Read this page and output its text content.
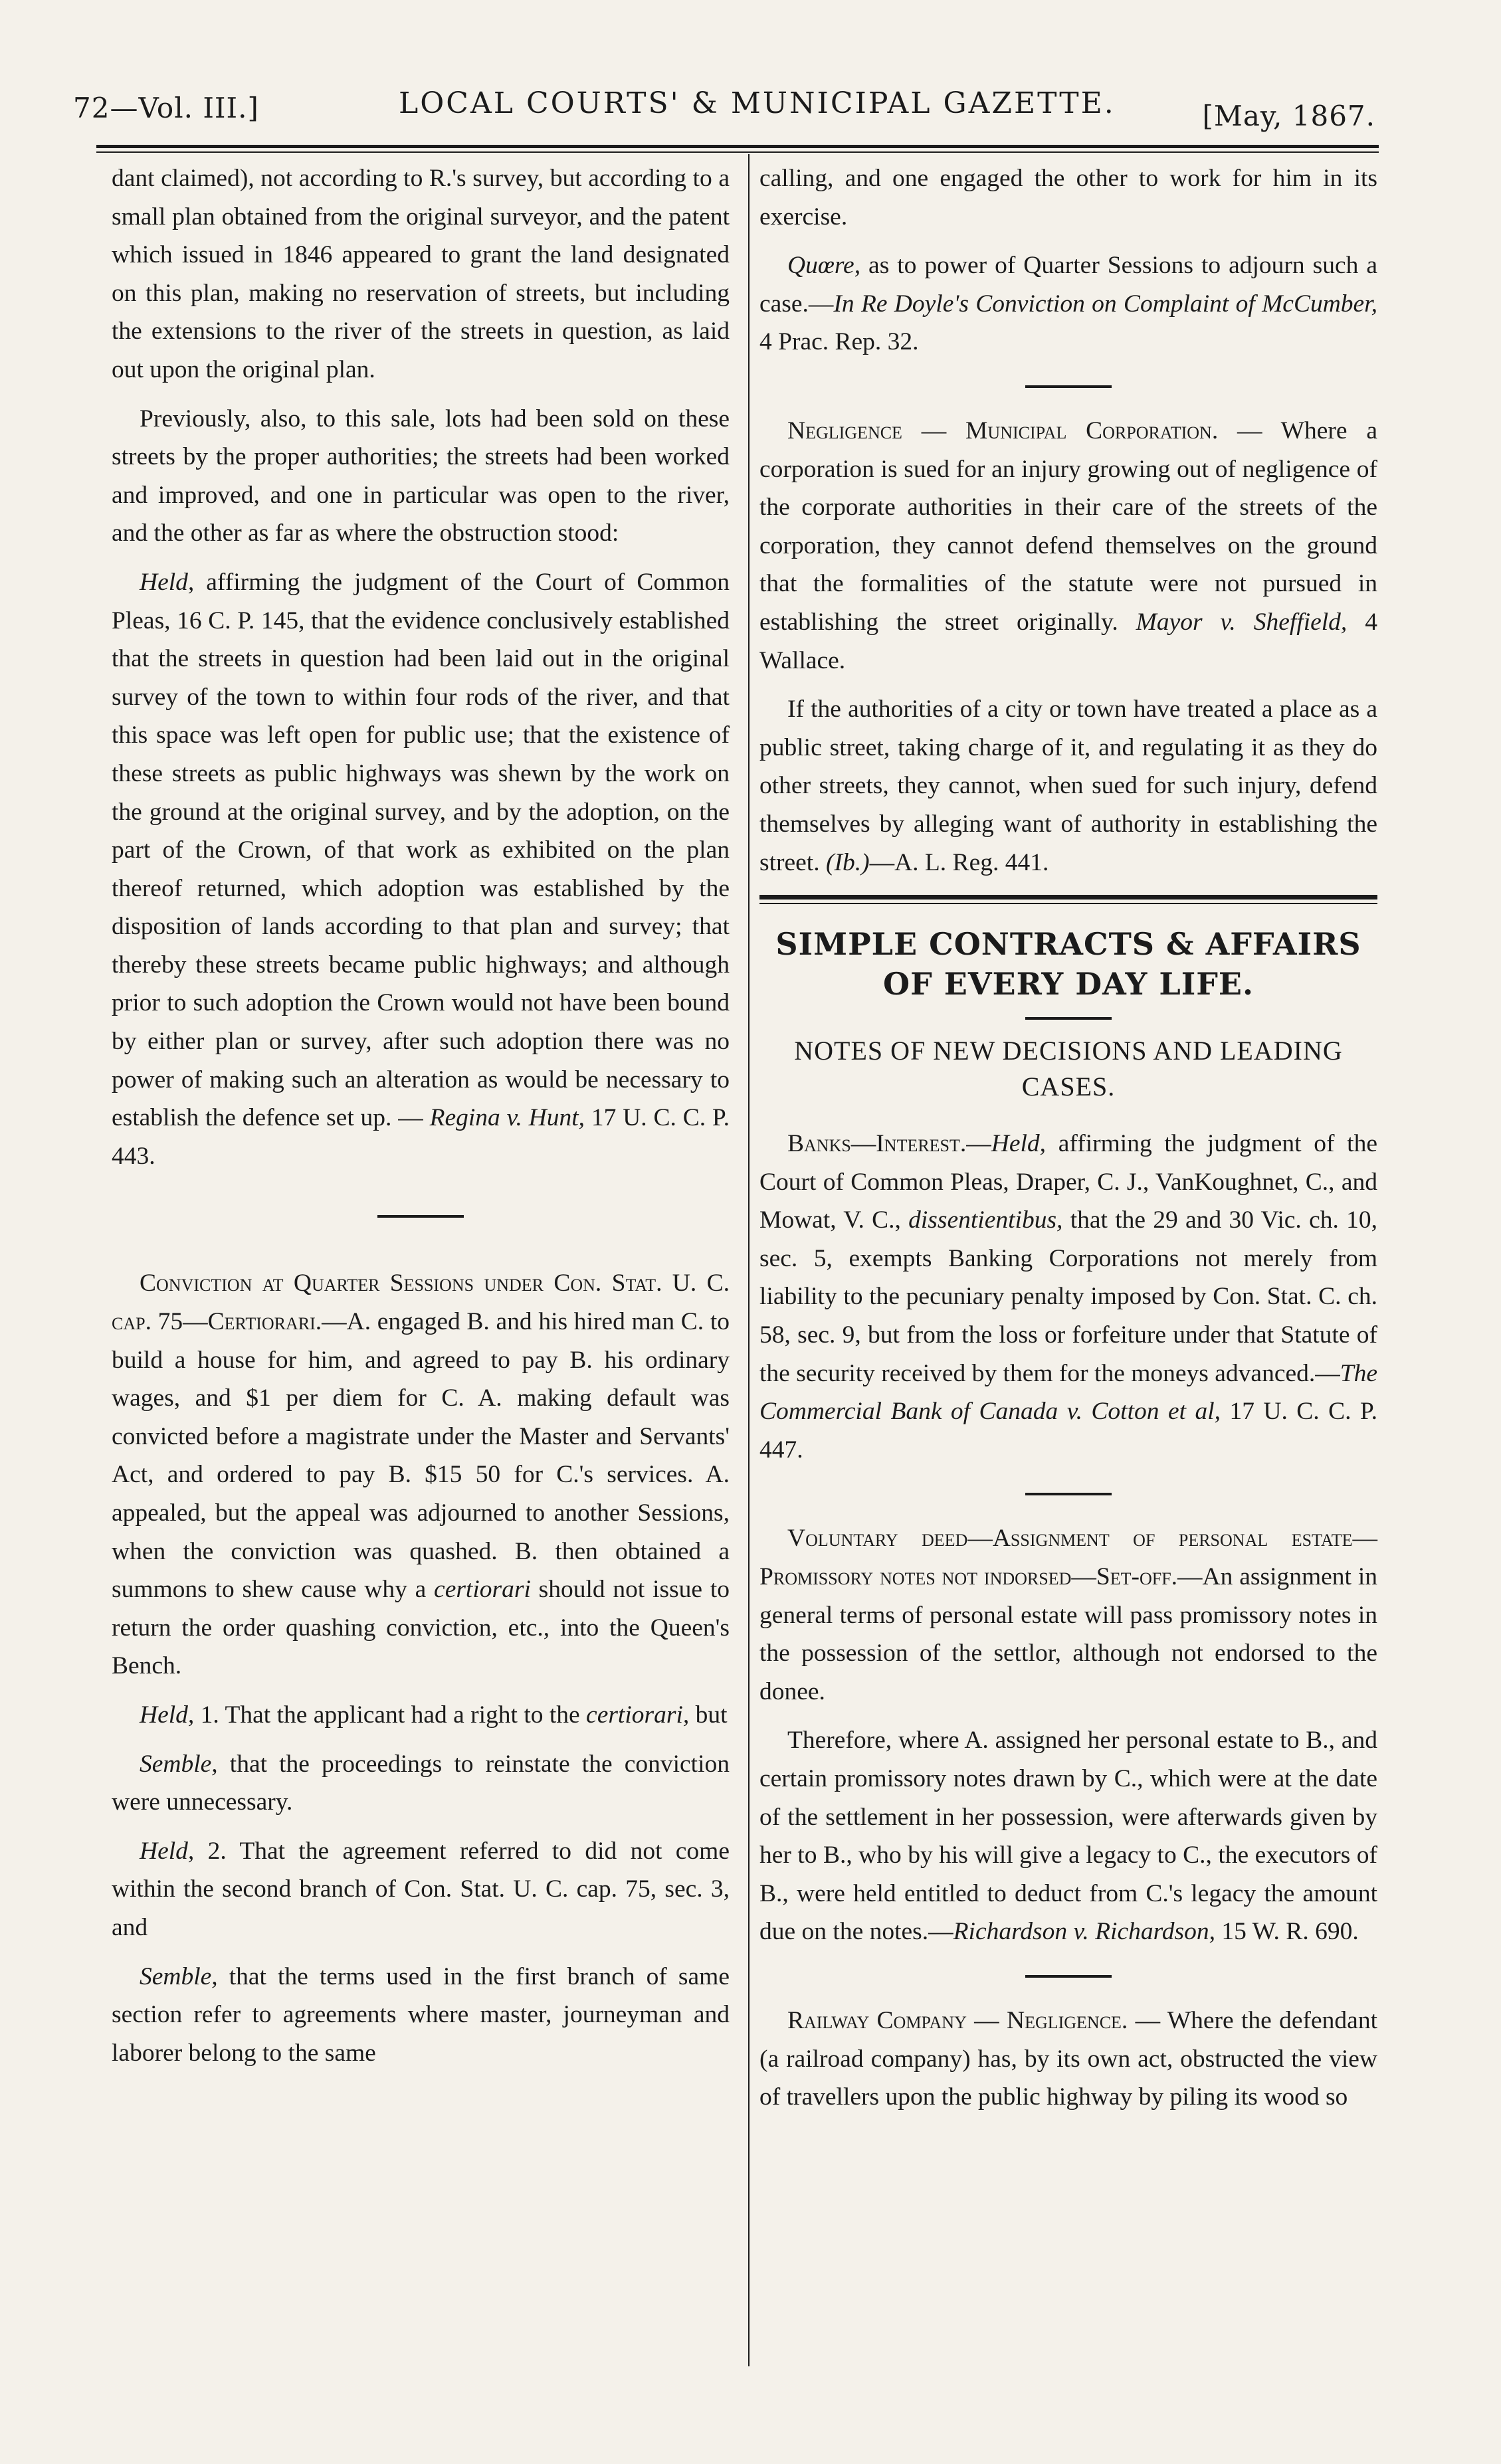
72—Vol. III.]	LOCAL COURTS' & MUNICIPAL GAZETTE.	[May, 1867.

dant claimed), not according to R.'s survey, but according to a small plan obtained from the original surveyor, and the patent which issued in 1846 appeared to grant the land designated on this plan, making no reservation of streets, but including the extensions to the river of the streets in question, as laid out upon the original plan.

Previously, also, to this sale, lots had been sold on these streets by the proper authorities; the streets had been worked and improved, and one in particular was open to the river, and the other as far as where the obstruction stood:

Held, affirming the judgment of the Court of Common Pleas, 16 C. P. 145, that the evidence conclusively established that the streets in question had been laid out in the original survey of the town to within four rods of the river, and that this space was left open for public use; that the existence of these streets as public highways was shewn by the work on the ground at the original survey, and by the adoption, on the part of the Crown, of that work as exhibited on the plan thereof returned, which adoption was established by the disposition of lands according to that plan and survey; that thereby these streets became public highways; and although prior to such adoption the Crown would not have been bound by either plan or survey, after such adoption there was no power of making such an alteration as would be necessary to establish the defence set up. — Regina v. Hunt, 17 U. C. C. P. 443.

Conviction at Quarter Sessions under Con. Stat. U. C. cap. 75—Certiorari.—A. engaged B. and his hired man C. to build a house for him, and agreed to pay B. his ordinary wages, and $1 per diem for C. A. making default was convicted before a magistrate under the Master and Servants' Act, and ordered to pay B. $15 50 for C.'s services. A. appealed, but the appeal was adjourned to another Sessions, when the conviction was quashed. B. then obtained a summons to shew cause why a certiorari should not issue to return the order quashing conviction, etc., into the Queen's Bench.

Held, 1. That the applicant had a right to the certiorari, but

Semble, that the proceedings to reinstate the conviction were unnecessary.

Held, 2. That the agreement referred to did not come within the second branch of Con. Stat. U. C. cap. 75, sec. 3, and

Semble, that the terms used in the first branch of same section refer to agreements where master, journeyman and laborer belong to the same

calling, and one engaged the other to work for him in its exercise.

Quœre, as to power of Quarter Sessions to adjourn such a case.—In Re Doyle's Conviction on Complaint of McCumber, 4 Prac. Rep. 32.

Negligence — Municipal Corporation. — Where a corporation is sued for an injury growing out of negligence of the corporate authorities in their care of the streets of the corporation, they cannot defend themselves on the ground that the formalities of the statute were not pursued in establishing the street originally. Mayor v. Sheffield, 4 Wallace.

If the authorities of a city or town have treated a place as a public street, taking charge of it, and regulating it as they do other streets, they cannot, when sued for such injury, defend themselves by alleging want of authority in establishing the street. (Ib.)—A. L. Reg. 441.

SIMPLE CONTRACTS & AFFAIRS OF EVERY DAY LIFE.
NOTES OF NEW DECISIONS AND LEADING CASES.

Banks—Interest.—Held, affirming the judgment of the Court of Common Pleas, Draper, C. J., VanKoughnet, C., and Mowat, V. C., dissentientibus, that the 29 and 30 Vic. ch. 10, sec. 5, exempts Banking Corporations not merely from liability to the pecuniary penalty imposed by Con. Stat. C. ch. 58, sec. 9, but from the loss or forfeiture under that Statute of the security received by them for the moneys advanced.—The Commercial Bank of Canada v. Cotton et al, 17 U. C. C. P. 447.

Voluntary deed—Assignment of personal estate—Promissory notes not indorsed—Set-off.—An assignment in general terms of personal estate will pass promissory notes in the possession of the settlor, although not endorsed to the donee.

Therefore, where A. assigned her personal estate to B., and certain promissory notes drawn by C., which were at the date of the settlement in her possession, were afterwards given by her to B., who by his will give a legacy to C., the executors of B., were held entitled to deduct from C.'s legacy the amount due on the notes.—Richardson v. Richardson, 15 W. R. 690.

Railway Company — Negligence. — Where the defendant (a railroad company) has, by its own act, obstructed the view of travellers upon the public highway by piling its wood so
